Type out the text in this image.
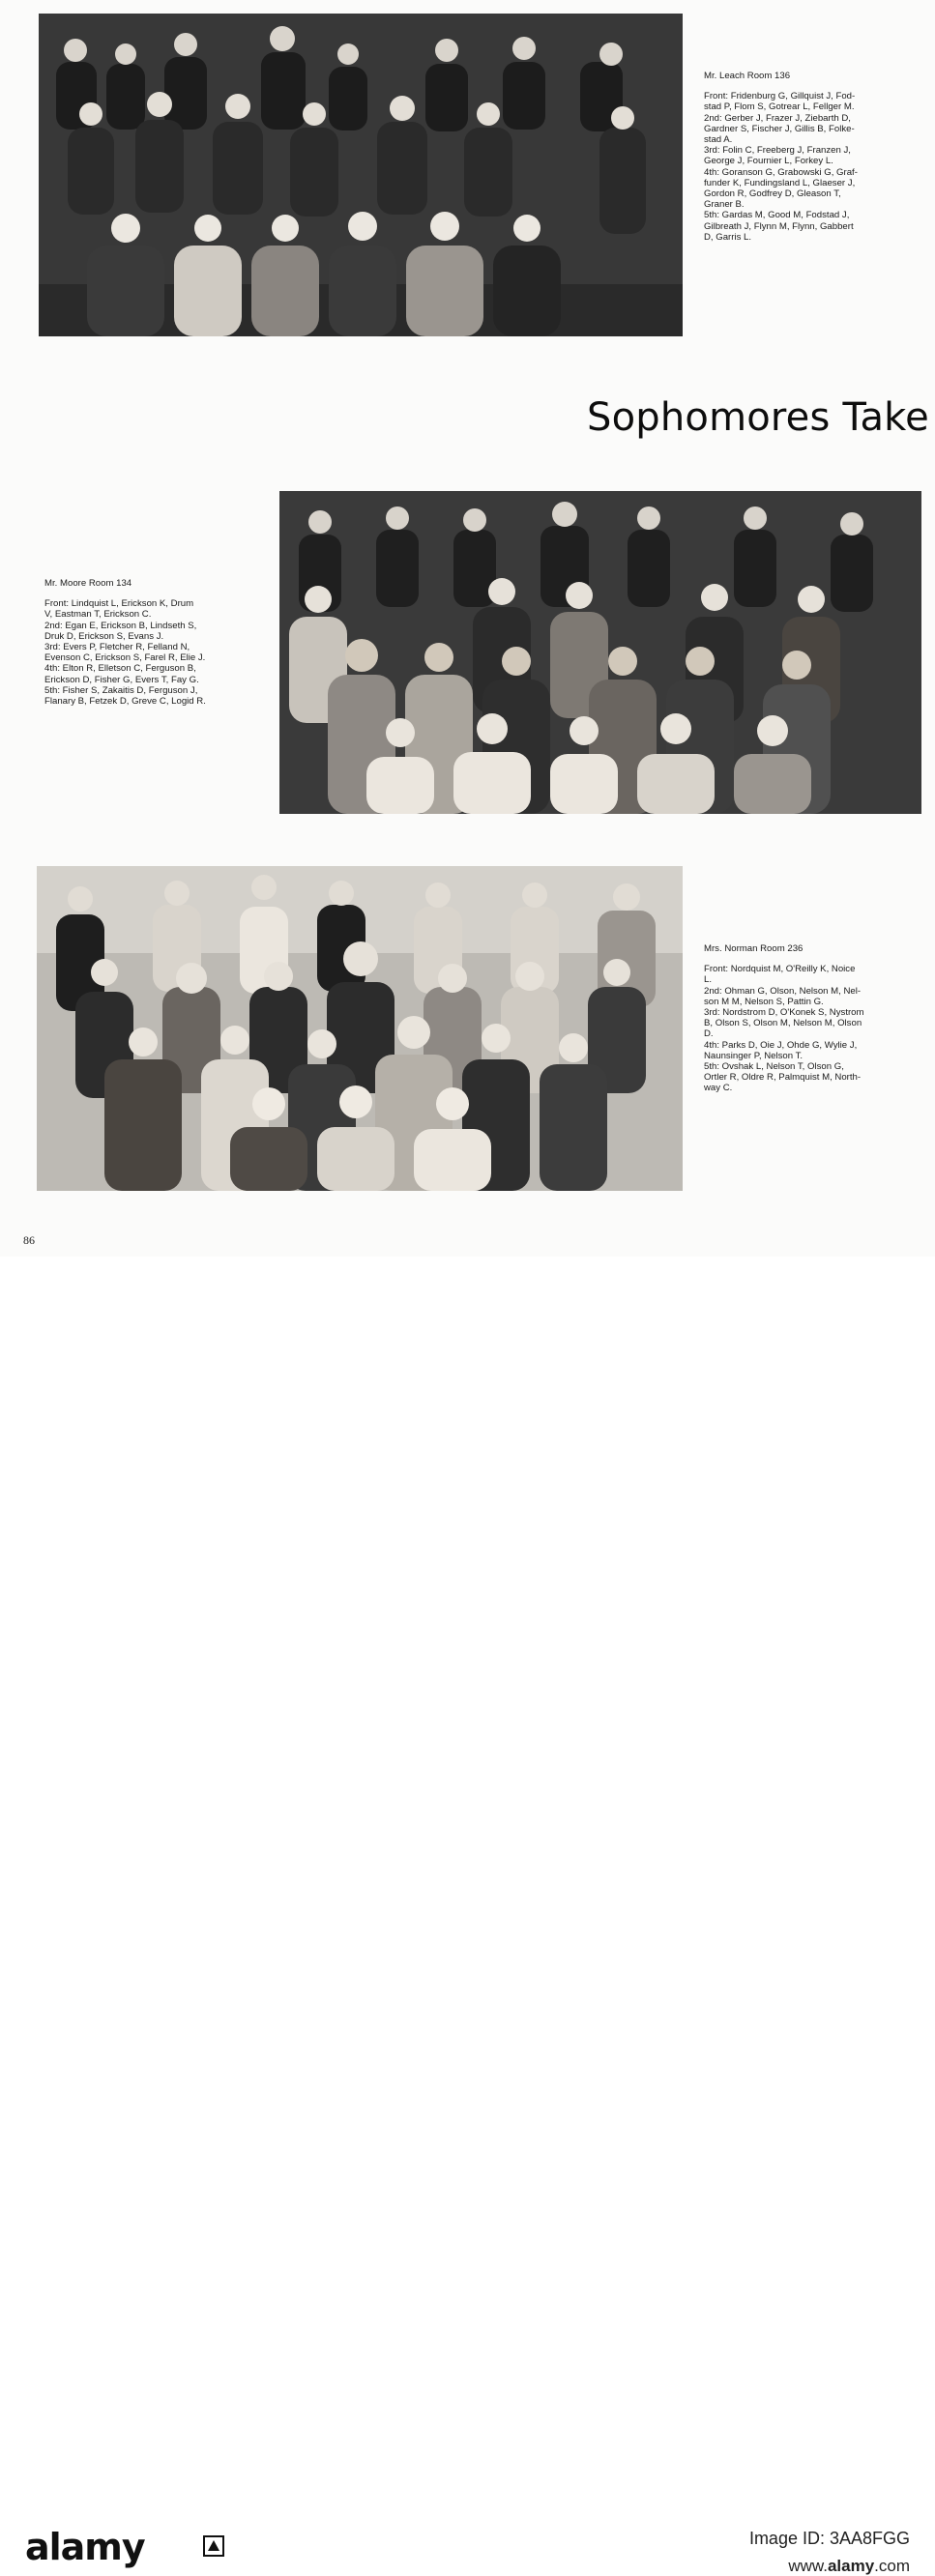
Mr. Leach Room 136
Front: Fridenburg G, Gillquist J, Fod-
stad P, Flom S, Gotrear L, Fellger M.
2nd: Gerber J, Frazer J, Ziebarth D,
Gardner S, Fischer J, Gillis B, Folke-
stad A.
3rd: Folin C, Freeberg J, Franzen J,
George J, Fournier L, Forkey L.
4th: Goranson G, Grabowski G, Graf-
funder K, Fundingsland L, Glaeser J,
Gordon R, Godfrey D, Gleason T,
Graner B.
5th: Gardas M, Good M, Fodstad J,
Gilbreath J, Flynn M, Flynn, Gabbert
D, Garris L.
Sophomores Take
Mr. Moore Room 134
Front: Lindquist L, Erickson K, Drum
V, Eastman T, Erickson C.
2nd: Egan E, Erickson B, Lindseth S,
Druk D, Erickson S, Evans J.
3rd: Evers P, Fletcher R, Felland N,
Evenson C, Erickson S, Farel R, Elie J.
4th: Elton R, Elletson C, Ferguson B,
Erickson D, Fisher G, Evers T, Fay G.
5th: Fisher S, Zakaitis D, Ferguson J,
Flanary B, Fetzek D, Greve C, Logid R.
Mrs. Norman Room 236
Front: Nordquist M, O'Reilly K, Noice
L.
2nd: Ohman G, Olson, Nelson M, Nel-
son M M, Nelson S, Pattin G.
3rd: Nordstrom D, O'Konek S, Nystrom
B, Olson S, Olson M, Nelson M, Olson
D.
4th: Parks D, Oie J, Ohde G, Wylie J,
Naunsinger P, Nelson T.
5th: Ovshak L, Nelson T, Olson G,
Ortler R, Oldre R, Palmquist M, North-
way C.
86
alamy	Image ID: 3AA8FGG
www.alamy.com
